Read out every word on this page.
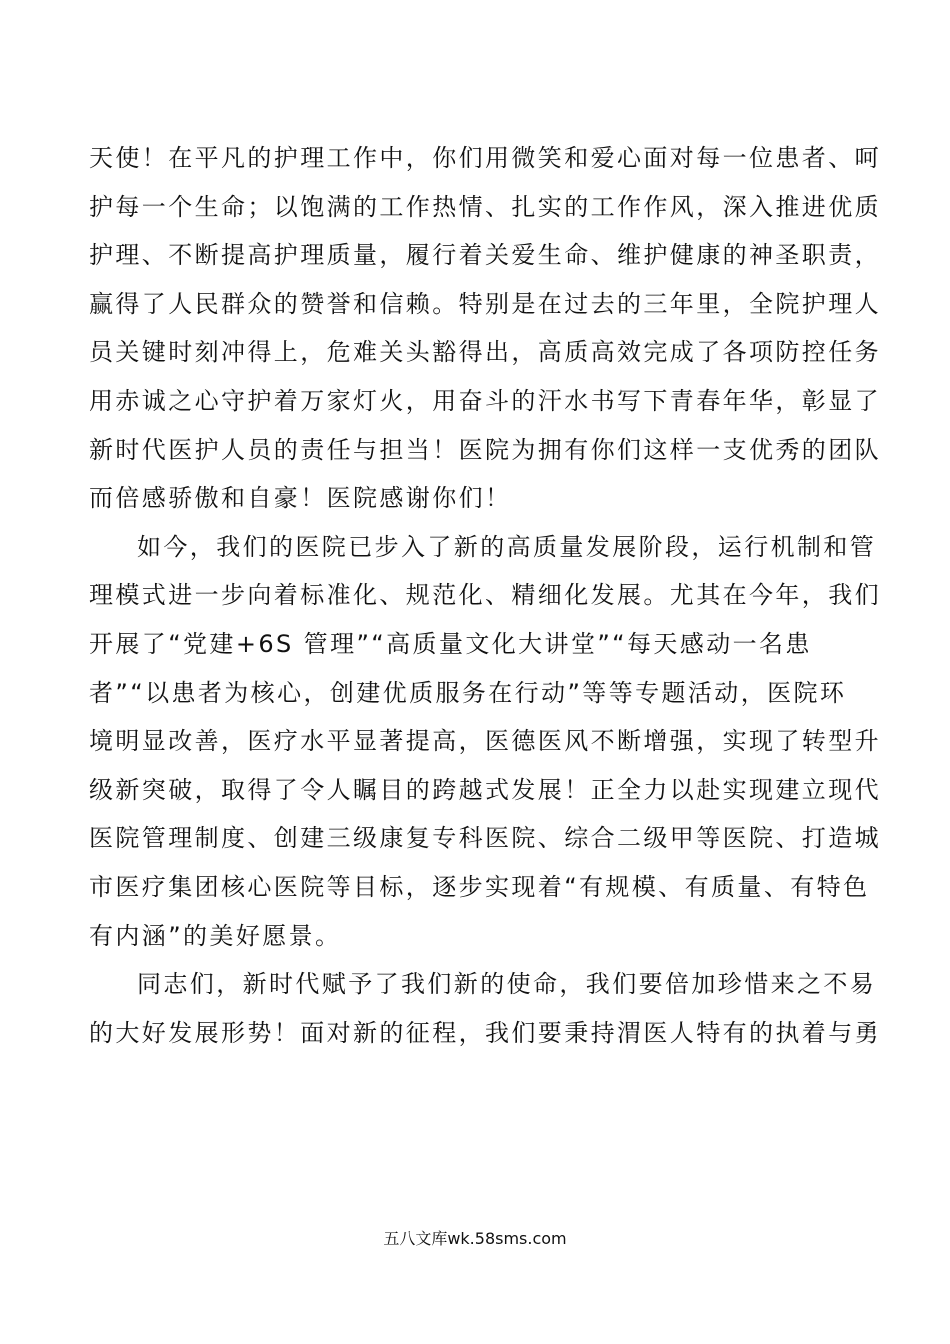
天使！在平凡的护理工作中，你们用微笑和爱心面对每一位患者、呵
护每一个生命；以饱满的工作热情、扎实的工作作风，深入推进优质
护理、不断提高护理质量，履行着关爱生命、维护健康的神圣职责，
赢得了人民群众的赞誉和信赖。特别是在过去的三年里，全院护理人
员关键时刻冲得上，危难关头豁得出，高质高效完成了各项防控任务
用赤诚之心守护着万家灯火，用奋斗的汗水书写下青春年华，彰显了
新时代医护人员的责任与担当！医院为拥有你们这样一支优秀的团队
而倍感骄傲和自豪！医院感谢你们！
如今，我们的医院已步入了新的高质量发展阶段，运行机制和管
理模式进一步向着标准化、规范化、精细化发展。尤其在今年，我们
开展了“党建+6S 管理”“高质量文化大讲堂”“每天感动一名患
者”“以患者为核心，创建优质服务在行动”等等专题活动，医院环
境明显改善，医疗水平显著提高，医德医风不断增强，实现了转型升
级新突破，取得了令人瞩目的跨越式发展！正全力以赴实现建立现代
医院管理制度、创建三级康复专科医院、综合二级甲等医院、打造城
市医疗集团核心医院等目标，逐步实现着“有规模、有质量、有特色
有内涵”的美好愿景。
同志们，新时代赋予了我们新的使命，我们要倍加珍惜来之不易
的大好发展形势！面对新的征程，我们要秉持渭医人特有的执着与勇
五八文库wk.58sms.com
